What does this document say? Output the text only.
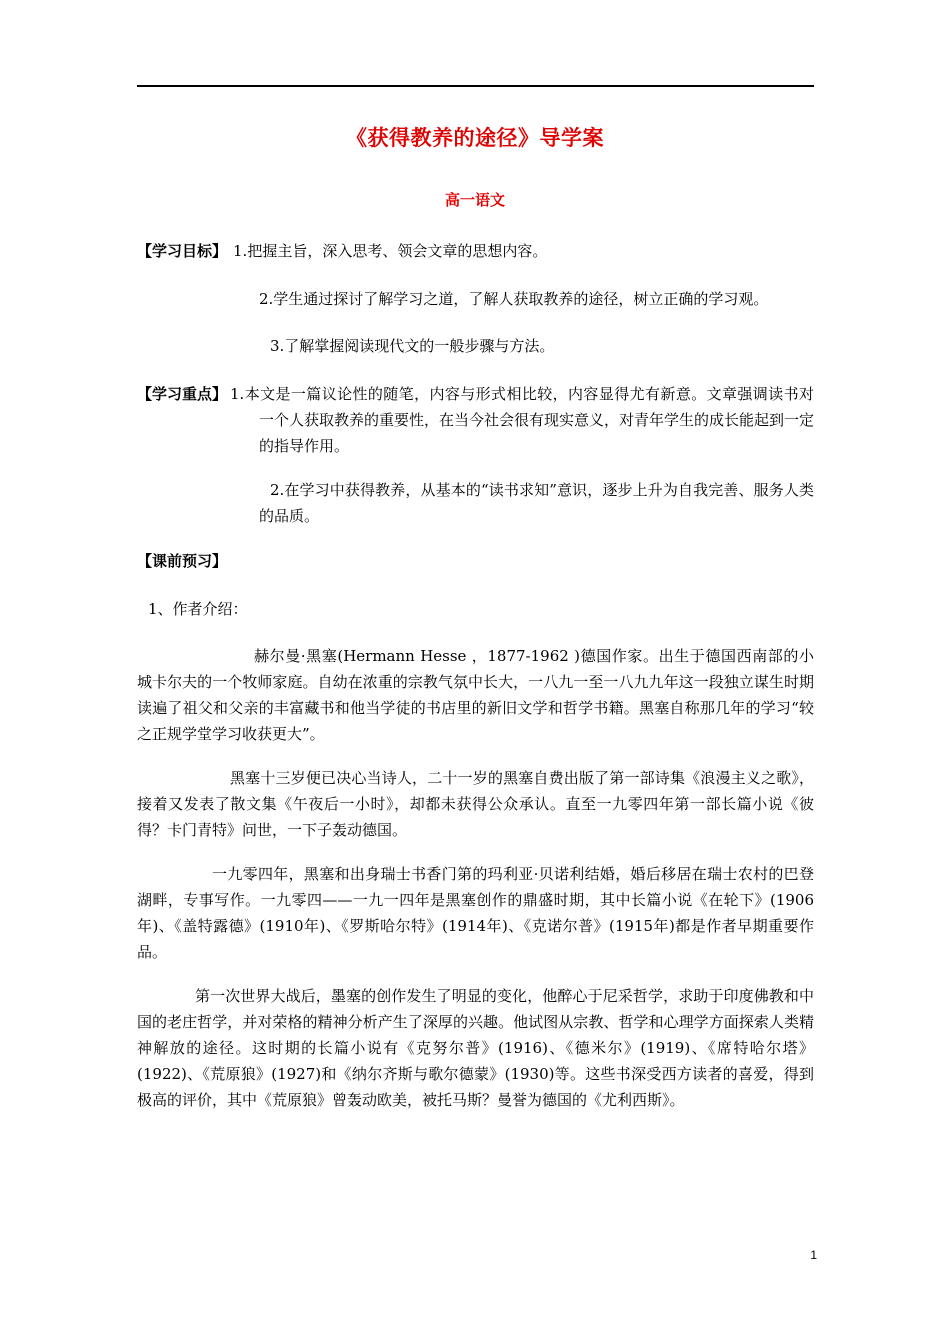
《获得教养的途径》导学案
高一语文
【学习目标】 1.把握主旨，深入思考、领会文章的思想内容。
2.学生通过探讨了解学习之道，了解人获取教养的途径，树立正确的学习观。
3.了解掌握阅读现代文的一般步骤与方法。
【学习重点】 1.本文是一篇议论性的随笔，内容与形式相比较，内容显得尤有新意。文章强调读书对一个人获取教养的重要性，在当今社会很有现实意义，对青年学生的成长能起到一定的指导作用。
2.在学习中获得教养，从基本的“读书求知”意识，逐步上升为自我完善、服务人类的品质。
【课前预习】
1、作者介绍：
赫尔曼·黑塞(Hermann Hesse ，1877-1962 )德国作家。出生于德国西南部的小城卡尔夫的一个牧师家庭。自幼在浓重的宗教气氛中长大，一八九一至一八九九年这一段独立谋生时期读遍了祖父和父亲的丰富藏书和他当学徒的书店里的新旧文学和哲学书籍。黑塞自称那几年的学习“较之正规学堂学习收获更大”。
黑塞十三岁便已决心当诗人，二十一岁的黑塞自费出版了第一部诗集《浪漫主义之歌》，接着又发表了散文集《午夜后一小时》，却都未获得公众承认。直至一九零四年第一部长篇小说《彼得？卡门青特》问世，一下子轰动德国。
一九零四年，黑塞和出身瑞士书香门第的玛利亚·贝诺利结婚，婚后移居在瑞士农村的巴登湖畔，专事写作。一九零四——一九一四年是黑塞创作的鼎盛时期，其中长篇小说《在轮下》(1906年)、《盖特露德》(1910年)、《罗斯哈尔特》(1914年)、《克诺尔普》(1915年)都是作者早期重要作品。
第一次世界大战后，墨塞的创作发生了明显的变化，他醉心于尼采哲学，求助于印度佛教和中国的老庄哲学，并对荣格的精神分析产生了深厚的兴趣。他试图从宗教、哲学和心理学方面探索人类精神解放的途径。这时期的长篇小说有《克努尔普》(1916)、《德米尔》(1919)、《席特哈尔塔》(1922)、《荒原狼》(1927)和《纳尔齐斯与歌尔德蒙》(1930)等。这些书深受西方读者的喜爱，得到极高的评价，其中《荒原狼》曾轰动欧美，被托马斯？曼誉为德国的《尤利西斯》。
1
